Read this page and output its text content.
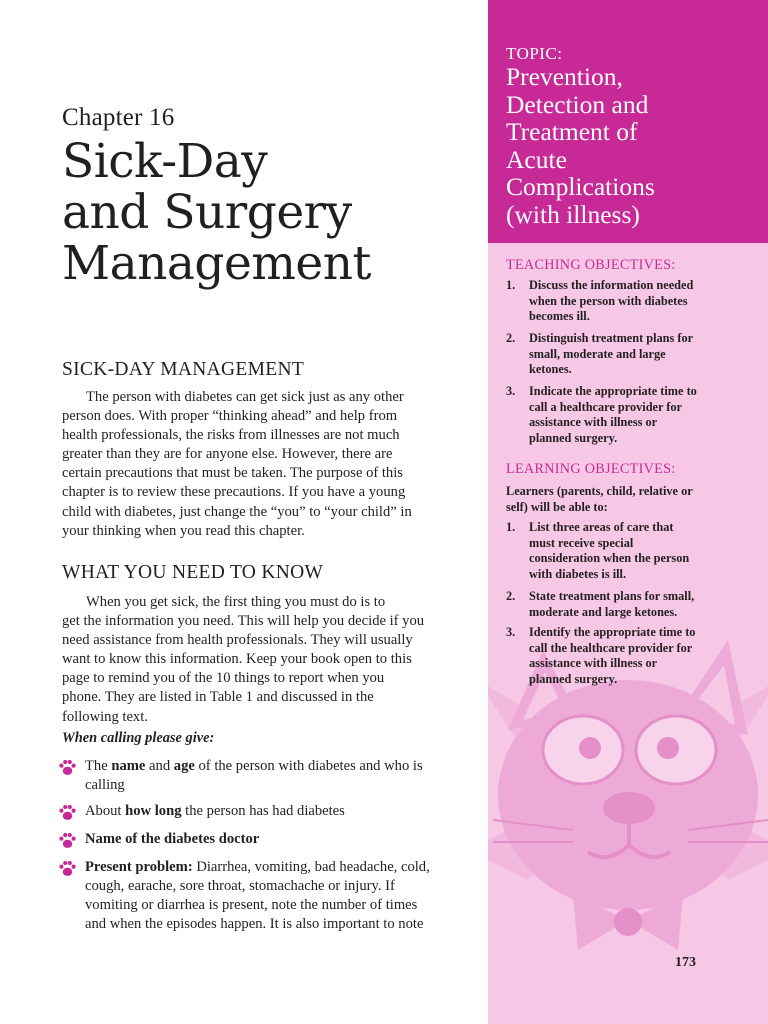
Chapter 16
Sick-Day
and Surgery
Management
SICK-DAY MANAGEMENT
The person with diabetes can get sick just as any other
person does. With proper “thinking ahead” and help from
health professionals, the risks from illnesses are not much
greater than they are for anyone else. However, there are
certain precautions that must be taken. The purpose of this
chapter is to review these precautions. If you have a young
child with diabetes, just change the “you” to “your child” in
your thinking when you read this chapter.
WHAT YOU NEED TO KNOW
When you get sick, the first thing you must do is to
get the information you need. This will help you decide if you
need assistance from health professionals. They will usually
want to know this information. Keep your book open to this
page to remind you of the 10 things to report when you
phone. They are listed in Table 1 and discussed in the
following text.
When calling please give:
The name and age of the person with diabetes and who is
calling
About how long the person has had diabetes
Name of the diabetes doctor
Present problem: Diarrhea, vomiting, bad headache, cold,
cough, earache, sore throat, stomachache or injury. If
vomiting or diarrhea is present, note the number of times
and when the episodes happen. It is also important to note
TOPIC:
Prevention,
Detection and
Treatment of
Acute
Complications
(with illness)
TEACHING OBJECTIVES:
1. Discuss the information needed
when the person with diabetes
becomes ill.
2. Distinguish treatment plans for
small, moderate and large
ketones.
3. Indicate the appropriate time to
call a healthcare provider for
assistance with illness or
planned surgery.
LEARNING OBJECTIVES:
Learners (parents, child, relative or
self) will be able to:
1. List three areas of care that
must receive special
consideration when the person
with diabetes is ill.
2. State treatment plans for small,
moderate and large ketones.
3. Identify the appropriate time to
call the healthcare provider for
assistance with illness or
planned surgery.
173
